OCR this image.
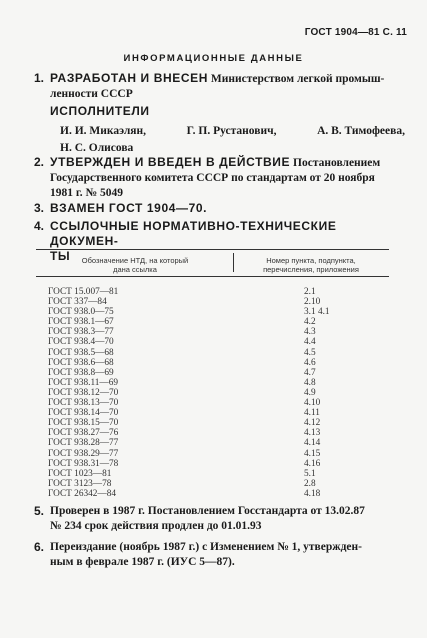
ГОСТ 1904—81 С. 11
ИНФОРМАЦИОННЫЕ ДАННЫЕ
1. РАЗРАБОТАН И ВНЕСЕН Министерством легкой промыш-
ленности СССР
ИСПОЛНИТЕЛИ
И. И. Микаэлян,	Г. П. Рустанович,	А. В. Тимофеева,
Н. С. Олисова
2. УТВЕРЖДЕН И ВВЕДЕН В ДЕЙСТВИЕ Постановлением
Государственного комитета СССР по стандартам от 20 ноября
1981 г. № 5049
3. ВЗАМЕН ГОСТ 1904—70.
4. ССЫЛОЧНЫЕ НОРМАТИВНО-ТЕХНИЧЕСКИЕ ДОКУМЕН-
ТЫ	Обозначение НТД, на который
дана ссылка
Номер пункта, подпункта,
перечисления, приложения
ГОСТ 15.007—81	2.1
ГОСТ 337—84	2.10
ГОСТ 938.0—75	3.1 4.1
ГОСТ 938.1—67	4.2
ГОСТ 938.3—77	4.3
ГОСТ 938.4—70	4.4
ГОСТ 938.5—68	4.5
ГОСТ 938.6—68	4.6
ГОСТ 938.8—69	4.7
ГОСТ 938.11—69	4.8
ГОСТ 938.12—70	4.9
ГОСТ 938.13—70	4.10
ГОСТ 938.14—70	4.11
ГОСТ 938.15—70	4.12
ГОСТ 938.27—76	4.13
ГОСТ 938.28—77	4.14
ГОСТ 938.29—77	4.15
ГОСТ 938.31—78	4.16
ГОСТ 1023—81	5.1
ГОСТ 3123—78	2.8
ГОСТ 26342—84	4.18
5. Проверен в 1987 г. Постановлением Госстандарта от 13.02.87
№ 234 срок действия продлен до 01.01.93
6. Переиздание (ноябрь 1987 г.) с Изменением № 1, утвержден-
ным в феврале 1987 г. (ИУС 5—87).
